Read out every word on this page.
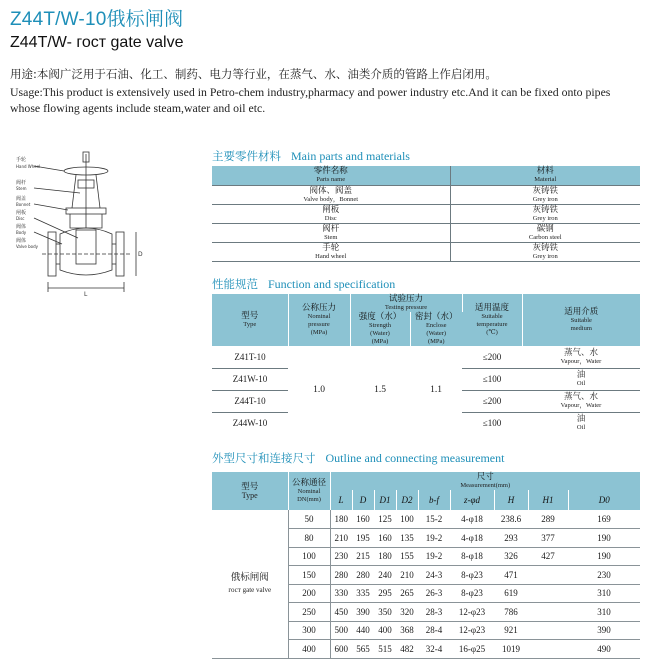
Z44T/W-10俄标闸阀
Z44T/W- гост gate valve
用途:本阀广泛用于石油、化工、制药、电力等行业，在蒸气、水、油类介质的管路上作启闭用。
Usage:This product is extensively used in Petro-chem industry,pharmacy and power industry etc.And it can be fixed onto pipes whose flowing agents include steam,water and oil etc.
手轮
Hand Wheel
阀杆
Stem
阀盖
Bonnet
闸板
Disc
阀体
Body
阀体
Valve body
L
D
主要零件材料 Main parts and materials
零件名称
Parts name	材料
Material

阀体、阀盖
Valve body，Bonnet	灰铸铁
Grey iron

闸板
Disc	灰铸铁
Grey iron

阀杆
Stem	碳钢
Carbon steel

手轮
Hand wheel	灰铸铁
Grey iron
性能规范 Function and specification
型号
Type	公称压力
Nominal
pressure
(MPa)	试验压力
Testing pressure		适用温度
Suitable
temperature
(℃)	适用介质
Suitable
medium

		强度（水）
Strength
(Water)
(MPa)	密封（水）
Enclose
(Water)
(MPa)		

Z41T-10	1.0	1.5	1.1	≤200	蒸气、水
Vapour，Water

Z41W-10				≤100	油
Oil

Z44T-10				≤200	蒸气、水
Vapour，Water

Z44W-10				≤100	油
Oil
外型尺寸和连接尺寸 Outline and connecting measurement
型号
Type	公称通径
Nominal
DN(mm)	尺寸
Measurement(mm)								

		L	D	D1	D2	b-f	z-φd	H	H1	D0

俄标闸阀
гост gate valve	50	180	160	125	100	15-2	4-φ18	238.6	289	169
	80	210	195	160	135	19-2	4-φ18	293	377	190
	100	230	215	180	155	19-2	8-φ18	326	427	190
	150	280	280	240	210	24-3	8-φ23	471		230
	200	330	335	295	265	26-3	8-φ23	619		310
	250	450	390	350	320	28-3	12-φ23	786		310
	300	500	440	400	368	28-4	12-φ23	921		390
	400	600	565	515	482	32-4	16-φ25	1019		490
